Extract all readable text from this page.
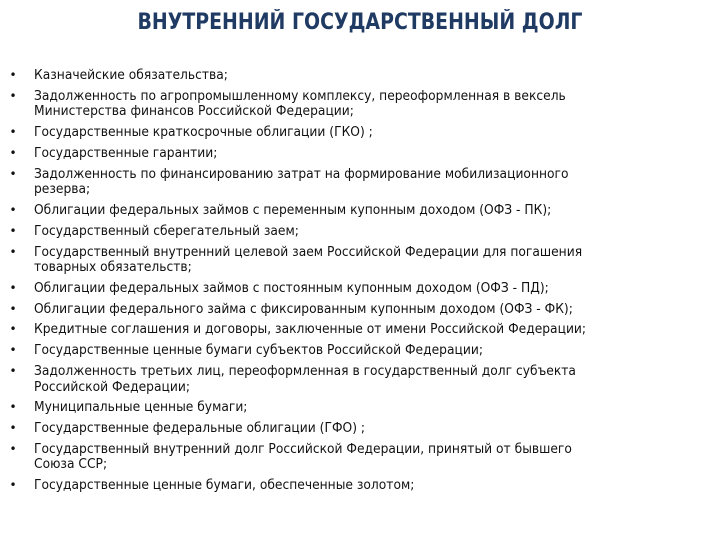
ВНУТРЕННИЙ ГОСУДАРСТВЕННЫЙ ДОЛГ
• Казначейские обязательства;
• Задолженность по агропромышленному комплексу, переоформленная в вексель
Министерства финансов Российской Федерации;
• Государственные краткосрочные облигации (ГКО) ;
• Государственные гарантии;
• Задолженность по финансированию затрат на формирование мобилизационного
резерва;
• Облигации федеральных займов с переменным купонным доходом (ОФЗ - ПК);
• Государственный сберегательный заем;
• Государственный внутренний целевой заем Российской Федерации для погашения
товарных обязательств;
• Облигации федеральных займов с постоянным купонным доходом (ОФЗ - ПД);
• Облигации федерального займа с фиксированным купонным доходом (ОФЗ - ФК);
• Кредитные соглашения и договоры, заключенные от имени Российской Федерации;
• Государственные ценные бумаги субъектов Российской Федерации;
• Задолженность третьих лиц, переоформленная в государственный долг субъекта
Российской Федерации;
• Муниципальные ценные бумаги;
• Государственные федеральные облигации (ГФО) ;
• Государственный внутренний долг Российской Федерации, принятый от бывшего
Союза ССР;
• Государственные ценные бумаги, обеспеченные золотом;
